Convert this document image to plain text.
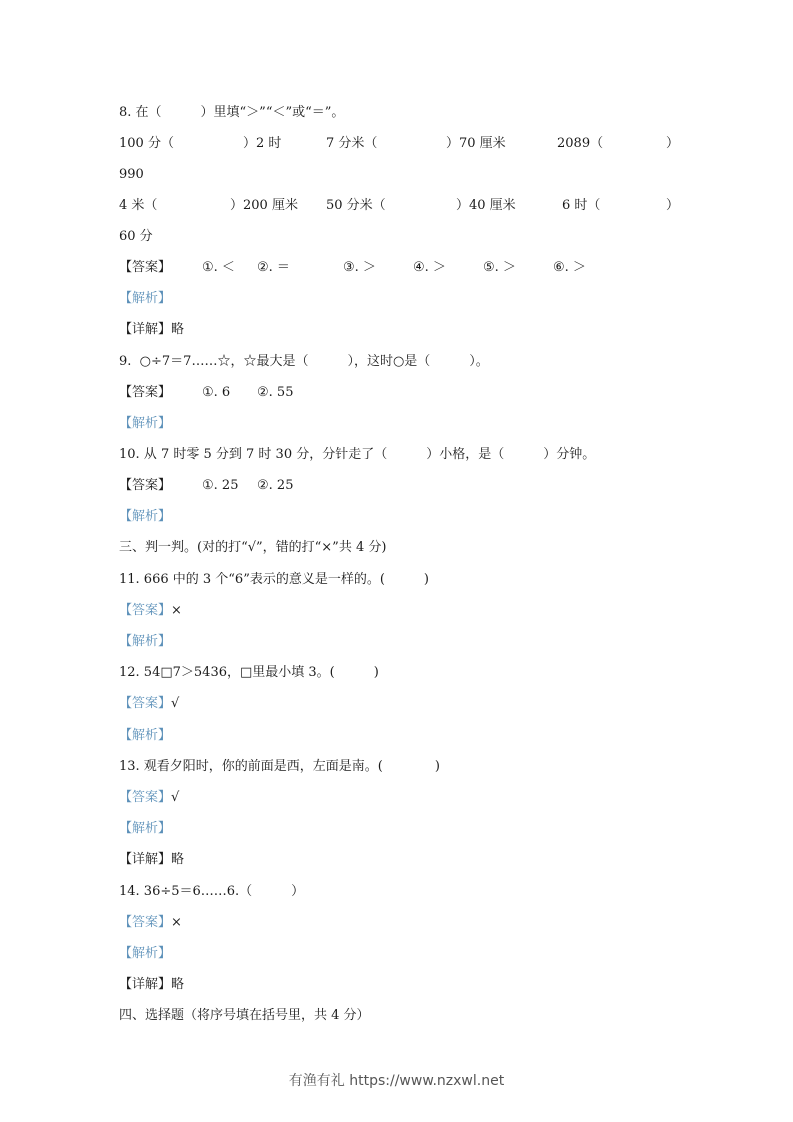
8. 在（　　　）里填“＞”“＜”或“＝”。
100 分（	）2 时	7 分米（	）70 厘米	2089（	）
990
4 米（	）200 厘米 50 分米（	）40 厘米	6 时（	）
60 分
【答案】 ①. ＜ ②. ＝	③. ＞	④. ＞	⑤. ＞	⑥. ＞
【解析】
【详解】略
9.  ○÷7＝7……☆，☆最大是（　　　），这时○是（　　　）。
【答案】 ①. 6 ②. 55
【解析】
10. 从 7 时零 5 分到 7 时 30 分，分针走了（　　　）小格，是（　　　）分钟。
【答案】 ①. 25 ②. 25
【解析】
三、判一判。(对的打“√”，错的打“×”共 4 分)
11. 666 中的 3 个“6”表示的意义是一样的。(　　　)
【答案】×
【解析】
12. 54□7＞5436，□里最小填 3。(　　　)
【答案】√
【解析】
13. 观看夕阳时，你的前面是西，左面是南。(　　　　)
【答案】√
【解析】
【详解】略
14. 36÷5＝6……6.（　　　）
【答案】×
【解析】
【详解】略
四、选择题（将序号填在括号里，共 4 分）
有渔有礼 https://www.nzxwl.net
